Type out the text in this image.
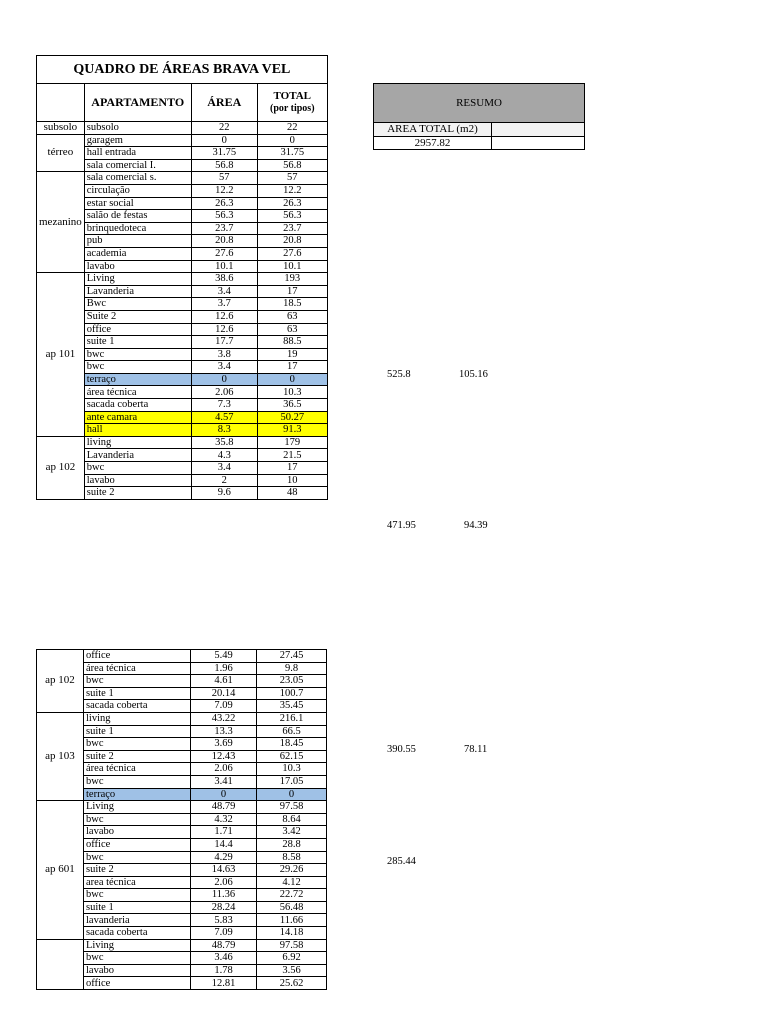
QUADRO DE ÁREAS BRAVA VEL			
	APARTAMENTO	ÁREA	TOTAL
(por tipos)
subsolo	subsolo	22	22
térreo	garagem	0	0
	hall entrada	31.75	31.75
	sala comercial I.	56.8	56.8
mezanino	sala comercial s.	57	57
	circulação	12.2	12.2
	estar social	26.3	26.3
	salão de festas	56.3	56.3
	brinquedoteca	23.7	23.7
	pub	20.8	20.8
	academia	27.6	27.6
	lavabo	10.1	10.1
ap 101	Living	38.6	193
	Lavanderia	3.4	17
	Bwc	3.7	18.5
	Suite 2	12.6	63
	office	12.6	63
	suite 1	17.7	88.5
	bwc	3.8	19
	bwc	3.4	17
	terraço	0	0
	área técnica	2.06	10.3
	sacada coberta	7.3	36.5
	ante camara	4.57	50.27
	hall	8.3	91.3
ap 102	living	35.8	179
	Lavanderia	4.3	21.5
	bwc	3.4	17
	lavabo	2	10
	suite 2	9.6	48
RESUMO
AREA TOTAL (m2)
2957.82
525.8	105.16
471.95	94.39
ap 102	office	5.49	27.45
	área técnica	1.96	9.8
	bwc	4.61	23.05
	suite 1	20.14	100.7
	sacada coberta	7.09	35.45
ap 103	living	43.22	216.1
	suite 1	13.3	66.5
	bwc	3.69	18.45
	suite 2	12.43	62.15
	área técnica	2.06	10.3
	bwc	3.41	17.05
	terraço	0	0
ap 601	Living	48.79	97.58
	bwc	4.32	8.64
	lavabo	1.71	3.42
	office	14.4	28.8
	bwc	4.29	8.58
	suite 2	14.63	29.26
	area técnica	2.06	4.12
	bwc	11.36	22.72
	suite 1	28.24	56.48
	lavanderia	5.83	11.66
	sacada coberta	7.09	14.18
	Living	48.79	97.58
	bwc	3.46	6.92
	lavabo	1.78	3.56
	office	12.81	25.62
390.55	78.11
285.44
